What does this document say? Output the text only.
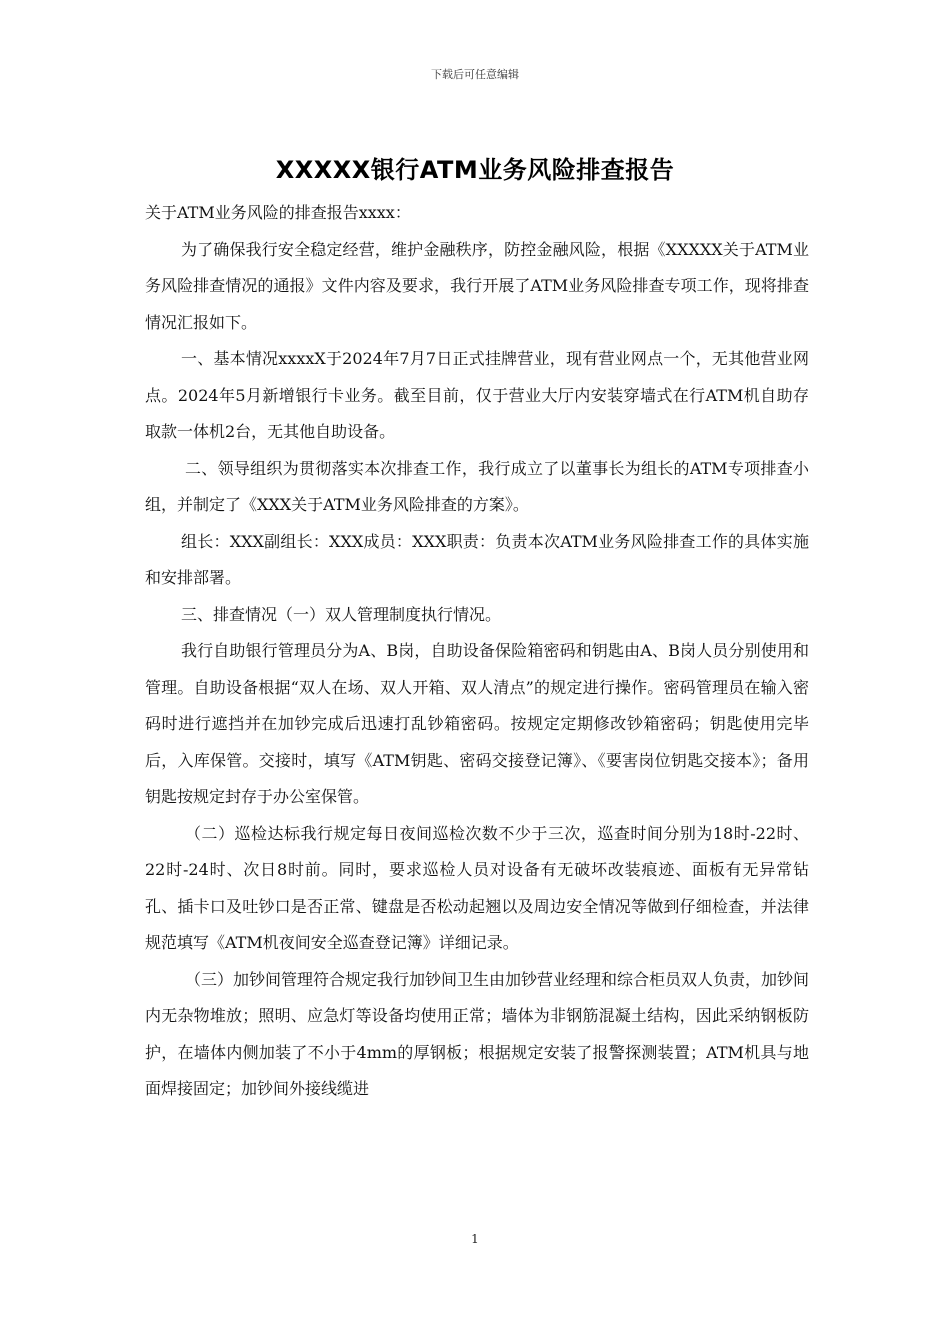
下载后可任意编辑
XXXXX银行ATM业务风险排查报告

关于ATM业务风险的排查报告xxxx：

为了确保我行安全稳定经营，维护金融秩序，防控金融风险，根据《XXXXX关于ATM业务风险排查情况的通报》文件内容及要求，我行开展了ATM业务风险排查专项工作，现将排查情况汇报如下。

一、基本情况xxxxX于2024年7月7日正式挂牌营业，现有营业网点一个，无其他营业网点。2024年5月新增银行卡业务。截至目前，仅于营业大厅内安装穿墙式在行ATM机自助存取款一体机2台，无其他自助设备。

二、领导组织为贯彻落实本次排查工作，我行成立了以董事长为组长的ATM专项排查小组，并制定了《XXX关于ATM业务风险排查的方案》。

组长：XXX副组长：XXX成员：XXX职责：负责本次ATM业务风险排查工作的具体实施和安排部署。

三、排查情况（一）双人管理制度执行情况。

我行自助银行管理员分为A、B岗，自助设备保险箱密码和钥匙由A、B岗人员分别使用和管理。自助设备根据“双人在场、双人开箱、双人清点”的规定进行操作。密码管理员在输入密码时进行遮挡并在加钞完成后迅速打乱钞箱密码。按规定定期修改钞箱密码；钥匙使用完毕后，入库保管。交接时，填写《ATM钥匙、密码交接登记簿》、《要害岗位钥匙交接本》；备用钥匙按规定封存于办公室保管。

（二）巡检达标我行规定每日夜间巡检次数不少于三次，巡查时间分别为18时-22时、22时-24时、次日8时前。同时，要求巡检人员对设备有无破坏改装痕迹、面板有无异常钻孔、插卡口及吐钞口是否正常、键盘是否松动起翘以及周边安全情况等做到仔细检查，并法律规范填写《ATM机夜间安全巡查登记簿》详细记录。

（三）加钞间管理符合规定我行加钞间卫生由加钞营业经理和综合柜员双人负责，加钞间内无杂物堆放；照明、应急灯等设备均使用正常；墙体为非钢筋混凝土结构，因此采纳钢板防护，在墙体内侧加装了不小于4mm的厚钢板；根据规定安装了报警探测装置；ATM机具与地面焊接固定；加钞间外接线缆进

1
